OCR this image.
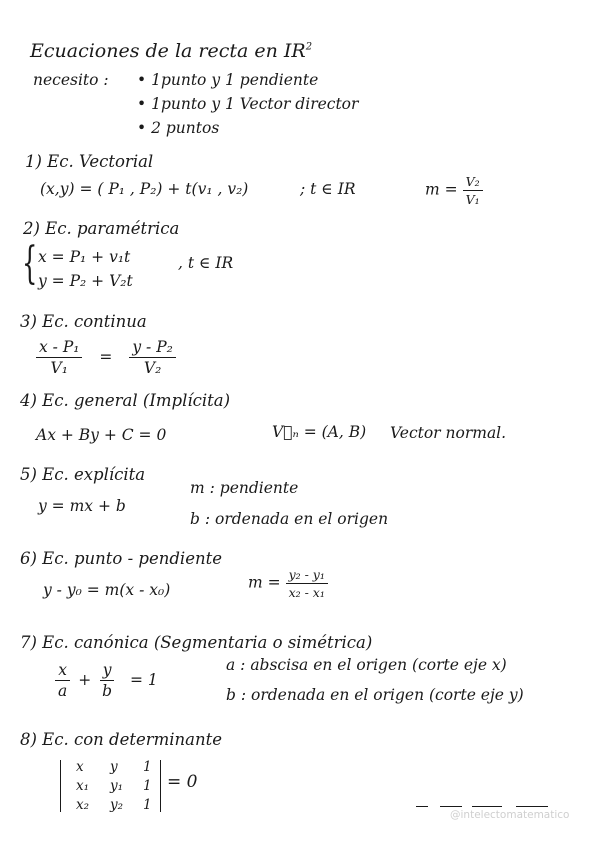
Ecuaciones de la recta en $IR^2$
necesito : • 1punto y 1 pendiente
• 1punto y 1 Vector director
• 2 puntos
1) Ec. Vectorial
(x,y) = ( P₁ , P₂) + t(v₁ , v₂)	; t ∈ IR	$m = \frac{\text{V₂}}{\text{V₁}}$
2) Ec. paramétrica
{ x = P₁ + v₁t
y = P₂ + V₂t
, t ∈ IR
3) Ec. continua
$\frac{\text{x - P₁}}{\text{V₁}} = \frac{\text{y - P₂}}{\text{V₂}}$
4) Ec. general (Implícita)
Ax + By + C = 0	V⃗ₙ = (A, B) Vector normal.
5) Ec. explícita
y = mx + b
m : pendiente
b : ordenada en el origen
6) Ec. punto - pendiente
y - y₀ = m(x - x₀)	$m = \frac{\text{y₂ - y₁}}{\text{x₂ - x₁}}$
7) Ec. canónica (Segmentaria o simétrica)
$\frac{x}{a} + \frac{y}{b} = 1$
a : abscisa en el origen (corte eje x)
b : ordenada en el origen (corte eje y)
8) Ec. con determinante
x y 1
x₁ y₁ 1
x₂ y₂ 1
= 0
@intelectomatematico
